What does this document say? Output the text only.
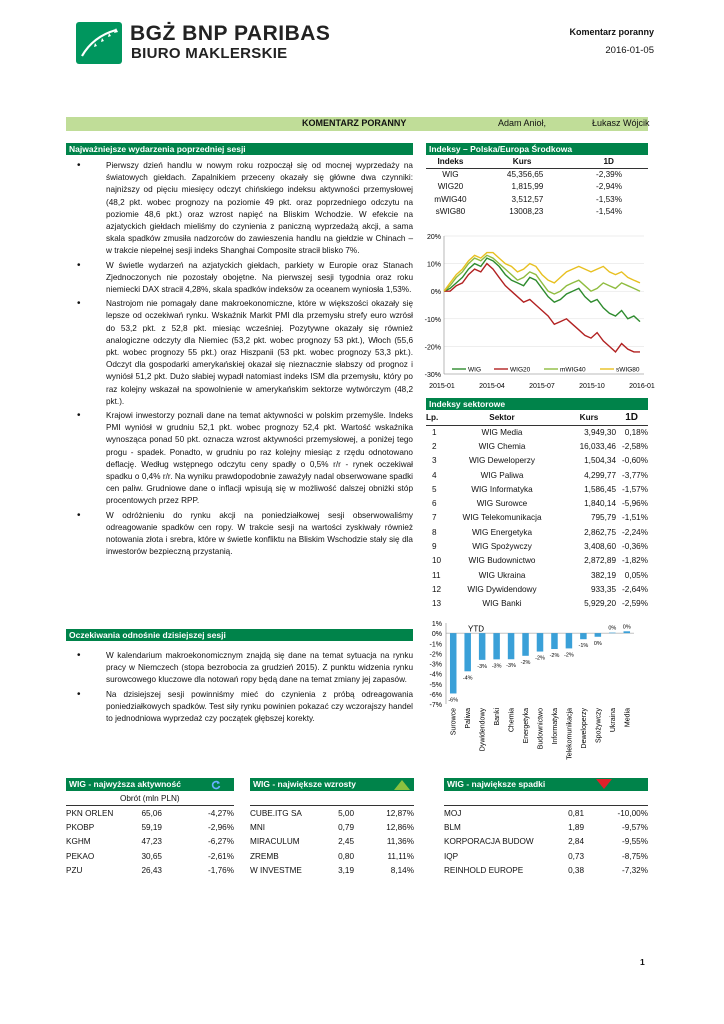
BGŻ BNP PARIBAS
BIURO MAKLERSKIE
Komentarz poranny
2016-01-05
KOMENTARZ PORANNY	Adam Anioł,	Łukasz Wójcik
Najważniejsze wydarzenia poprzedniej sesji
• Pierwszy dzień handlu w nowym roku rozpoczął się od mocnej wyprzedaży na światowych giełdach. Zapalnikiem przeceny okazały się główne dwa czynniki: najniższy od pięciu miesięcy odczyt chińskiego indeksu aktywności przemysłowej (48,2 pkt. wobec prognozy na poziomie 49 pkt. oraz poprzedniego odczytu na poziomie 48,6 pkt.) oraz wzrost napięć na Bliskim Wchodzie. W efekcie na azjatyckich giełdach mieliśmy do czynienia z paniczną wyprzedażą akcji, a sama skala spadków zmusiła nadzorców do zawieszenia handlu na giełdzie w Chinach – w trakcie niepełnej sesji indeks Shanghai Composite stracił blisko 7%.
• W świetle wydarzeń na azjatyckich giełdach, parkiety w Europie oraz Stanach Zjednoczonych nie pozostały obojętne. Na pierwszej sesji tygodnia oraz roku niemiecki DAX stracił 4,28%, skala spadków indeksów za oceanem wyniosła 1,53%.
• Nastrojom nie pomagały dane makroekonomiczne, które w większości okazały się lepsze od oczekiwań rynku. Wskaźnik Markit PMI dla przemysłu strefy euro wzrósł do 53,2 pkt. z 52,8 pkt. miesiąc wcześniej. Pozytywne okazały się również analogiczne odczyty dla Niemiec (53,2 pkt. wobec prognozy 53 pkt.), Włoch (55,6 pkt. wobec prognozy 55 pkt.) oraz Hiszpanii (53 pkt. wobec prognozy 53,3 pkt.). Odczyt dla gospodarki amerykańskiej okazał się nieznacznie słabszy od prognoz i wyniósł 51,2 pkt. Dużo słabiej wypadł natomiast indeks ISM dla przemysłu, który po raz kolejny wskazał na spowolnienie w amerykańskim sektorze wytwórczym (48,2 pkt.).
• Krajowi inwestorzy poznali dane na temat aktywności w polskim przemyśle. Indeks PMI wyniósł w grudniu 52,1 pkt. wobec prognozy 52,4 pkt. Wartość wskaźnika wynosząca ponad 50 pkt. oznacza wzrost aktywności przemysłowej, a poniżej tego progu - spadek. Ponadto, w grudniu po raz kolejny miesiąc z rzędu odnotowano deflację. Według wstępnego odczytu ceny spadły o 0,5% r/r - rynek oczekiwał spadku o 0,4% r/r. Na wyniku prawdopodobnie zaważyły nadal obserwowane spadki cen paliw. Grudniowe dane o inflacji wpisują się w możliwość dalszej obniżki stóp procentowych przez RPP.
• W odróżnieniu do rynku akcji na poniedziałkowej sesji obserwowaliśmy odreagowanie spadków cen ropy. W trakcie sesji na wartości zyskiwały również notowania złota i srebra, które w świetle konfliktu na Bliskim Wschodzie stały się dla inwestorów bezpieczną przystanią.
Oczekiwania odnośnie dzisiejszej sesji
• W kalendarium makroekonomicznym znajdą się dane na temat sytuacja na rynku pracy w Niemczech (stopa bezrobocia za grudzień 2015). Z punktu widzenia rynku surowcowego kluczowe dla notowań ropy będą dane na temat zmiany jej zapasów.
• Na dzisiejszej sesji powinniśmy mieć do czynienia z próbą odreagowania poniedziałkowych spadków. Test siły rynku powinien pokazać czy wczorajszy handel to jednodniowa wyprzedaż czy początek głębszej korekty.
Indeksy – Polska/Europa Środkowa
Indeks	Kurs	1D
WIG	45,356,65	-2,39%
WIG20	1,815,99	-2,94%
mWIG40	3,512,57	-1,53%
sWIG80	13008,23	-1,54%
20%
10%
0%
-10%
-20%
-30%
2015-01	2015-04	2015-07	2015-10	2016-01
WIG	WIG20	mWIG40	sWIG80
Indeksy sektorowe
Lp.	Sektor	Kurs	1D
1	WIG Media	3,949,30	0,18%
2	WIG Chemia	16,033,46	-2,58%
3	WIG Deweloperzy	1,504,34	-0,60%
4	WIG Paliwa	4,299,77	-3,77%
5	WIG Informatyka	1,586,45	-1,57%
6	WIG Surowce	1,840,14	-5,96%
7	WIG Telekomunikacja	795,79	-1,51%
8	WIG Energetyka	2,862,75	-2,24%
9	WIG Spożywczy	3,408,60	-0,36%
10	WIG Budownictwo	2,872,89	-1,82%
11	WIG Ukraina	382,19	0,05%
12	WIG Dywidendowy	933,35	-2,64%
13	WIG Banki	5,929,20	-2,59%
1%
0%
-1%
-2%
-3%
-4%
-5%
-6%
-7%
YTD
-6%
Surowce
-4%
Paliwa
-3%
Dywidendowy
-3%
Banki
-3%
Chemia
-2%
Energetyka
-2%
Budownictwo
-2%
Informatyka
-2%
Telekomunikacja
-1%
Deweloperzy
0%
Spożywczy
0%
Ukraina
0%
Media
WIG - najwyższa aktywność
Obrót (mln PLN)
PKN ORLEN	65,06	-4,27%
PKOBP	59,19	-2,96%
KGHM	47,23	-6,27%
PEKAO	30,65	-2,61%
PZU	26,43	-1,76%
WIG - największe wzrosty
CUBE.ITG SA	5,00	12,87%
MNI	0,79	12,86%
MIRACULUM	2,45	11,36%
ZREMB	0,80	11,11%
W INVESTME	3,19	8,14%
WIG - największe spadki
MOJ	0,81	-10,00%
BLM	1,89	-9,57%
KORPORACJA BUDOW	2,84	-9,55%
IQP	0,73	-8,75%
REINHOLD EUROPE	0,38	-7,32%
1
